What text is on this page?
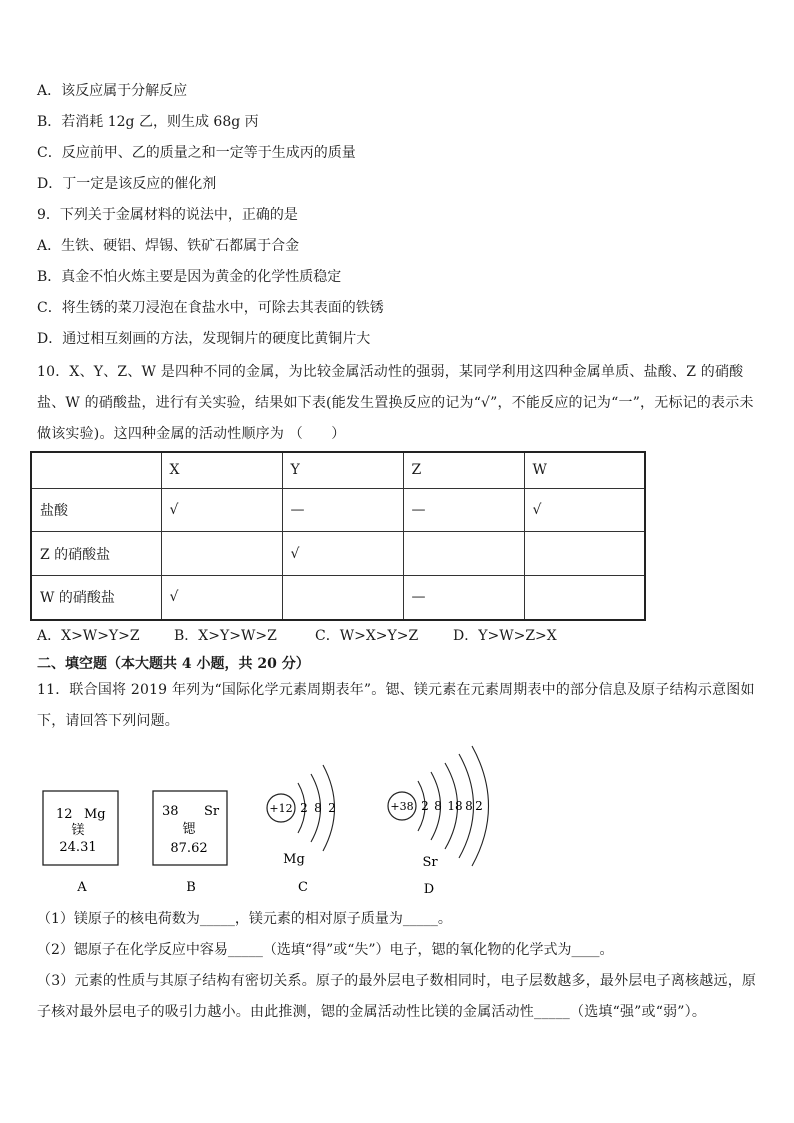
A．该反应属于分解反应
B．若消耗 12g 乙，则生成 68g 丙
C．反应前甲、乙的质量之和一定等于生成丙的质量
D．丁一定是该反应的催化剂
9．下列关于金属材料的说法中，正确的是
A．生铁、硬铝、焊锡、铁矿石都属于合金
B．真金不怕火炼主要是因为黄金的化学性质稳定
C．将生锈的菜刀浸泡在食盐水中，可除去其表面的铁锈
D．通过相互刻画的方法，发现铜片的硬度比黄铜片大
10．X、Y、Z、W 是四种不同的金属，为比较金属活动性的强弱，某同学利用这四种金属单质、盐酸、Z 的硝酸盐、W 的硝酸盐，进行有关实验，结果如下表(能发生置换反应的记为“√”，不能反应的记为“一”，无标记的表示未做该实验)。这四种金属的活动性顺序为 （　　）
	X	Y	Z	W
盐酸	√	—	—	√
Z 的硝酸盐		√		
W 的硝酸盐	√		—	
A．X>W>Y>Z B．X>Y>W>Z	C．W>X>Y>Z D．Y>W>Z>X
二、填空题（本大题共 4 小题，共 20 分）
11．联合国将 2019 年列为“国际化学元素周期表年”。锶、镁元素在元素周期表中的部分信息及原子结构示意图如下，请回答下列问题。
12 Mg
镁
24.31
A
38 Sr
锶
87.62
B
+12 2 8 2
Mg
C
+38 2 8 18 8 2
Sr
D
（1）镁原子的核电荷数为_____，镁元素的相对原子质量为_____。
（2）锶原子在化学反应中容易_____（选填“得”或“失”）电子，锶的氧化物的化学式为____。
（3）元素的性质与其原子结构有密切关系。原子的最外层电子数相同时，电子层数越多，最外层电子离核越远，原子核对最外层电子的吸引力越小。由此推测，锶的金属活动性比镁的金属活动性_____（选填“强”或“弱”）。
